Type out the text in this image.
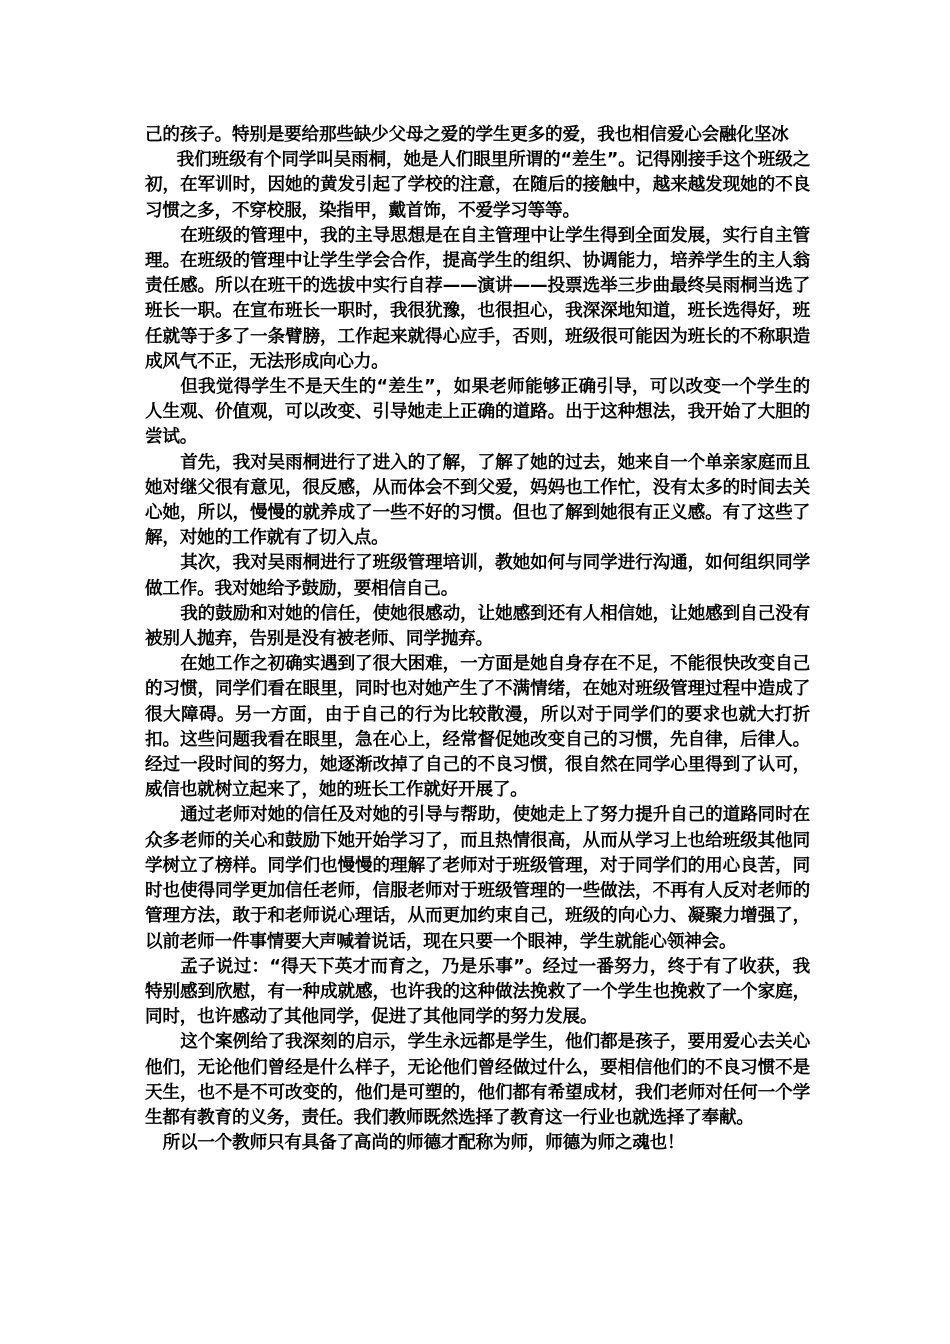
己的孩子。特别是要给那些缺少父母之爱的学生更多的爱，我也相信爱心会融化坚冰

我们班级有个同学叫吴雨桐，她是人们眼里所谓的“差生”。记得刚接手这个班级之初，在军训时，因她的黄发引起了学校的注意，在随后的接触中，越来越发现她的不良习惯之多，不穿校服，染指甲，戴首饰，不爱学习等等。

在班级的管理中，我的主导思想是在自主管理中让学生得到全面发展，实行自主管理。在班级的管理中让学生学会合作，提高学生的组织、协调能力，培养学生的主人翁责任感。所以在班干的选拔中实行自荐——演讲——投票选举三步曲最终吴雨桐当选了班长一职。在宣布班长一职时，我很犹豫，也很担心，我深深地知道，班长选得好，班任就等于多了一条臂膀，工作起来就得心应手，否则，班级很可能因为班长的不称职造成风气不正，无法形成向心力。

但我觉得学生不是天生的“差生”，如果老师能够正确引导，可以改变一个学生的人生观、价值观，可以改变、引导她走上正确的道路。出于这种想法，我开始了大胆的尝试。

首先，我对吴雨桐进行了进入的了解，了解了她的过去，她来自一个单亲家庭而且她对继父很有意见，很反感，从而体会不到父爱，妈妈也工作忙，没有太多的时间去关心她，所以，慢慢的就养成了一些不好的习惯。但也了解到她很有正义感。有了这些了解，对她的工作就有了切入点。

其次，我对吴雨桐进行了班级管理培训，教她如何与同学进行沟通，如何组织同学做工作。我对她给予鼓励，要相信自己。

我的鼓励和对她的信任，使她很感动，让她感到还有人相信她，让她感到自己没有被别人抛弃，告别是没有被老师、同学抛弃。

在她工作之初确实遇到了很大困难，一方面是她自身存在不足，不能很快改变自己的习惯，同学们看在眼里，同时也对她产生了不满情绪，在她对班级管理过程中造成了很大障碍。另一方面，由于自己的行为比较散漫，所以对于同学们的要求也就大打折扣。这些问题我看在眼里，急在心上，经常督促她改变自己的习惯，先自律，后律人。经过一段时间的努力，她逐渐改掉了自己的不良习惯，很自然在同学心里得到了认可，威信也就树立起来了，她的班长工作就好开展了。

通过老师对她的信任及对她的引导与帮助，使她走上了努力提升自己的道路同时在众多老师的关心和鼓励下她开始学习了，而且热情很高，从而从学习上也给班级其他同学树立了榜样。同学们也慢慢的理解了老师对于班级管理，对于同学们的用心良苦，同时也使得同学更加信任老师，信服老师对于班级管理的一些做法，不再有人反对老师的管理方法，敢于和老师说心理话，从而更加约束自己，班级的向心力、凝聚力增强了，以前老师一件事情要大声喊着说话，现在只要一个眼神，学生就能心领神会。

孟子说过：“得天下英才而育之，乃是乐事”。经过一番努力，终于有了收获，我特别感到欣慰，有一种成就感，也许我的这种做法挽救了一个学生也挽救了一个家庭，同时，也许感动了其他同学，促进了其他同学的努力发展。

这个案例给了我深刻的启示，学生永远都是学生，他们都是孩子，要用爱心去关心他们，无论他们曾经是什么样子，无论他们曾经做过什么，要相信他们的不良习惯不是天生，也不是不可改变的，他们是可塑的，他们都有希望成材，我们老师对任何一个学生都有教育的义务，责任。我们教师既然选择了教育这一行业也就选择了奉献。

所以一个教师只有具备了高尚的师德才配称为师，师德为师之魂也！
